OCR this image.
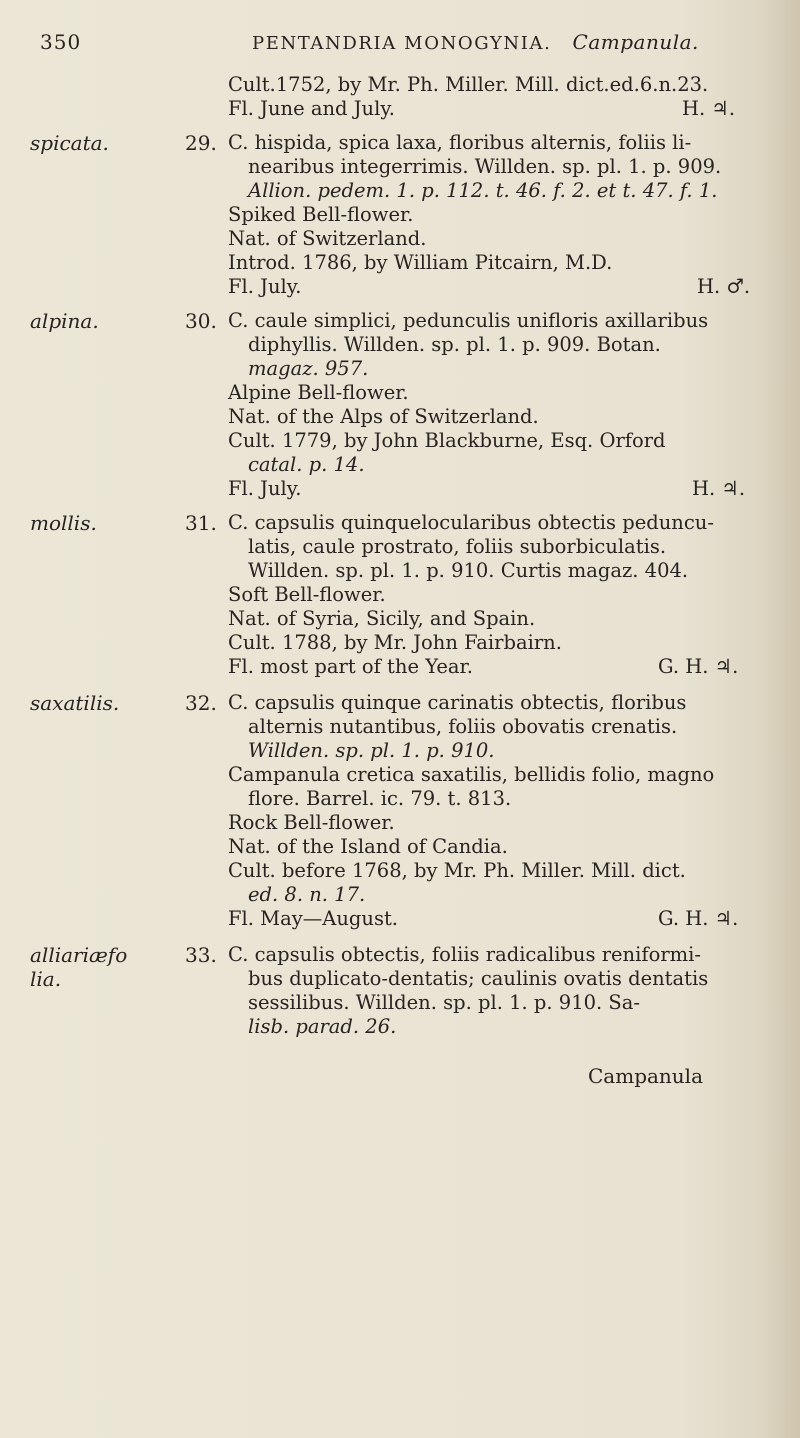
350	PENTANDRIA MONOGYNIA. Campanula.
Cult.1752, by Mr. Ph. Miller. Mill. dict.ed.6.n.23.
Fl. June and July.	H. ♃.
spicata.	29. C. hispida, spica laxa, floribus alternis, foliis li-
nearibus integerrimis. Willden. sp. pl. 1. p. 909.
Allion. pedem. 1. p. 112. t. 46. f. 2. et t. 47. f. 1.
Spiked Bell-flower.
Nat. of Switzerland.
Introd. 1786, by William Pitcairn, M.D.
Fl. July.	H. ♂.
alpina.	30. C. caule simplici, pedunculis unifloris axillaribus
diphyllis. Willden. sp. pl. 1. p. 909. Botan.
magaz. 957.
Alpine Bell-flower.
Nat. of the Alps of Switzerland.
Cult. 1779, by John Blackburne, Esq. Orford
catal. p. 14.
Fl. July.	H. ♃.
mollis.	31. C. capsulis quinquelocularibus obtectis peduncu-
latis, caule prostrato, foliis suborbiculatis.
Willden. sp. pl. 1. p. 910. Curtis magaz. 404.
Soft Bell-flower.
Nat. of Syria, Sicily, and Spain.
Cult. 1788, by Mr. John Fairbairn.
Fl. most part of the Year.	G. H. ♃.
saxatilis.	32. C. capsulis quinque carinatis obtectis, floribus
alternis nutantibus, foliis obovatis crenatis.
Willden. sp. pl. 1. p. 910.
Campanula cretica saxatilis, bellidis folio, magno
flore. Barrel. ic. 79. t. 813.
Rock Bell-flower.
Nat. of the Island of Candia.
Cult. before 1768, by Mr. Ph. Miller. Mill. dict.
ed. 8. n. 17.
Fl. May—August.	G. H. ♃.
alliariæfo
lia.
33. C. capsulis obtectis, foliis radicalibus reniformi-
bus duplicato-dentatis; caulinis ovatis dentatis
sessilibus. Willden. sp. pl. 1. p. 910. Sa-
lisb. parad. 26.
Campanula
